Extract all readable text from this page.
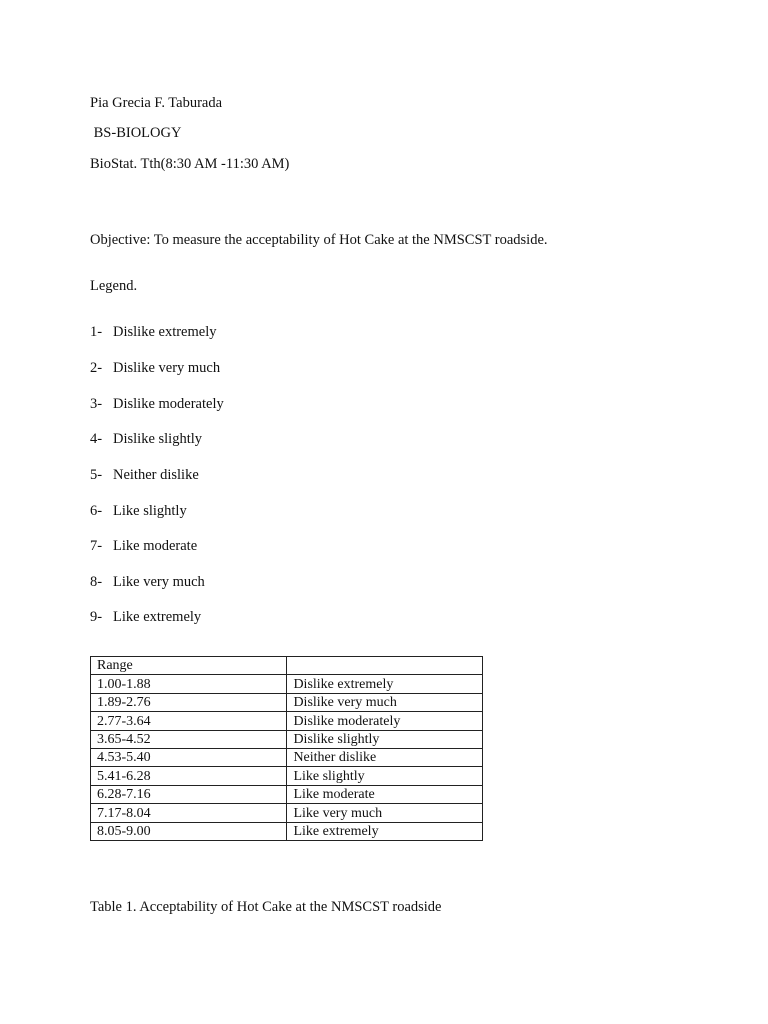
Pia Grecia F. Taburada
BS-BIOLOGY
BioStat. Tth(8:30 AM -11:30 AM)
Objective: To measure the acceptability of Hot Cake at the NMSCST roadside.
Legend.
1- Dislike extremely
2- Dislike very much
3- Dislike moderately
4- Dislike slightly
5- Neither dislike
6- Like slightly
7- Like moderate
8- Like very much
9- Like extremely
Range	
1.00-1.88	Dislike extremely
1.89-2.76	Dislike very much
2.77-3.64	Dislike moderately
3.65-4.52	Dislike slightly
4.53-5.40	Neither dislike
5.41-6.28	Like slightly
6.28-7.16	Like moderate
7.17-8.04	Like very much
8.05-9.00	Like extremely
Table 1. Acceptability of Hot Cake at the NMSCST roadside
